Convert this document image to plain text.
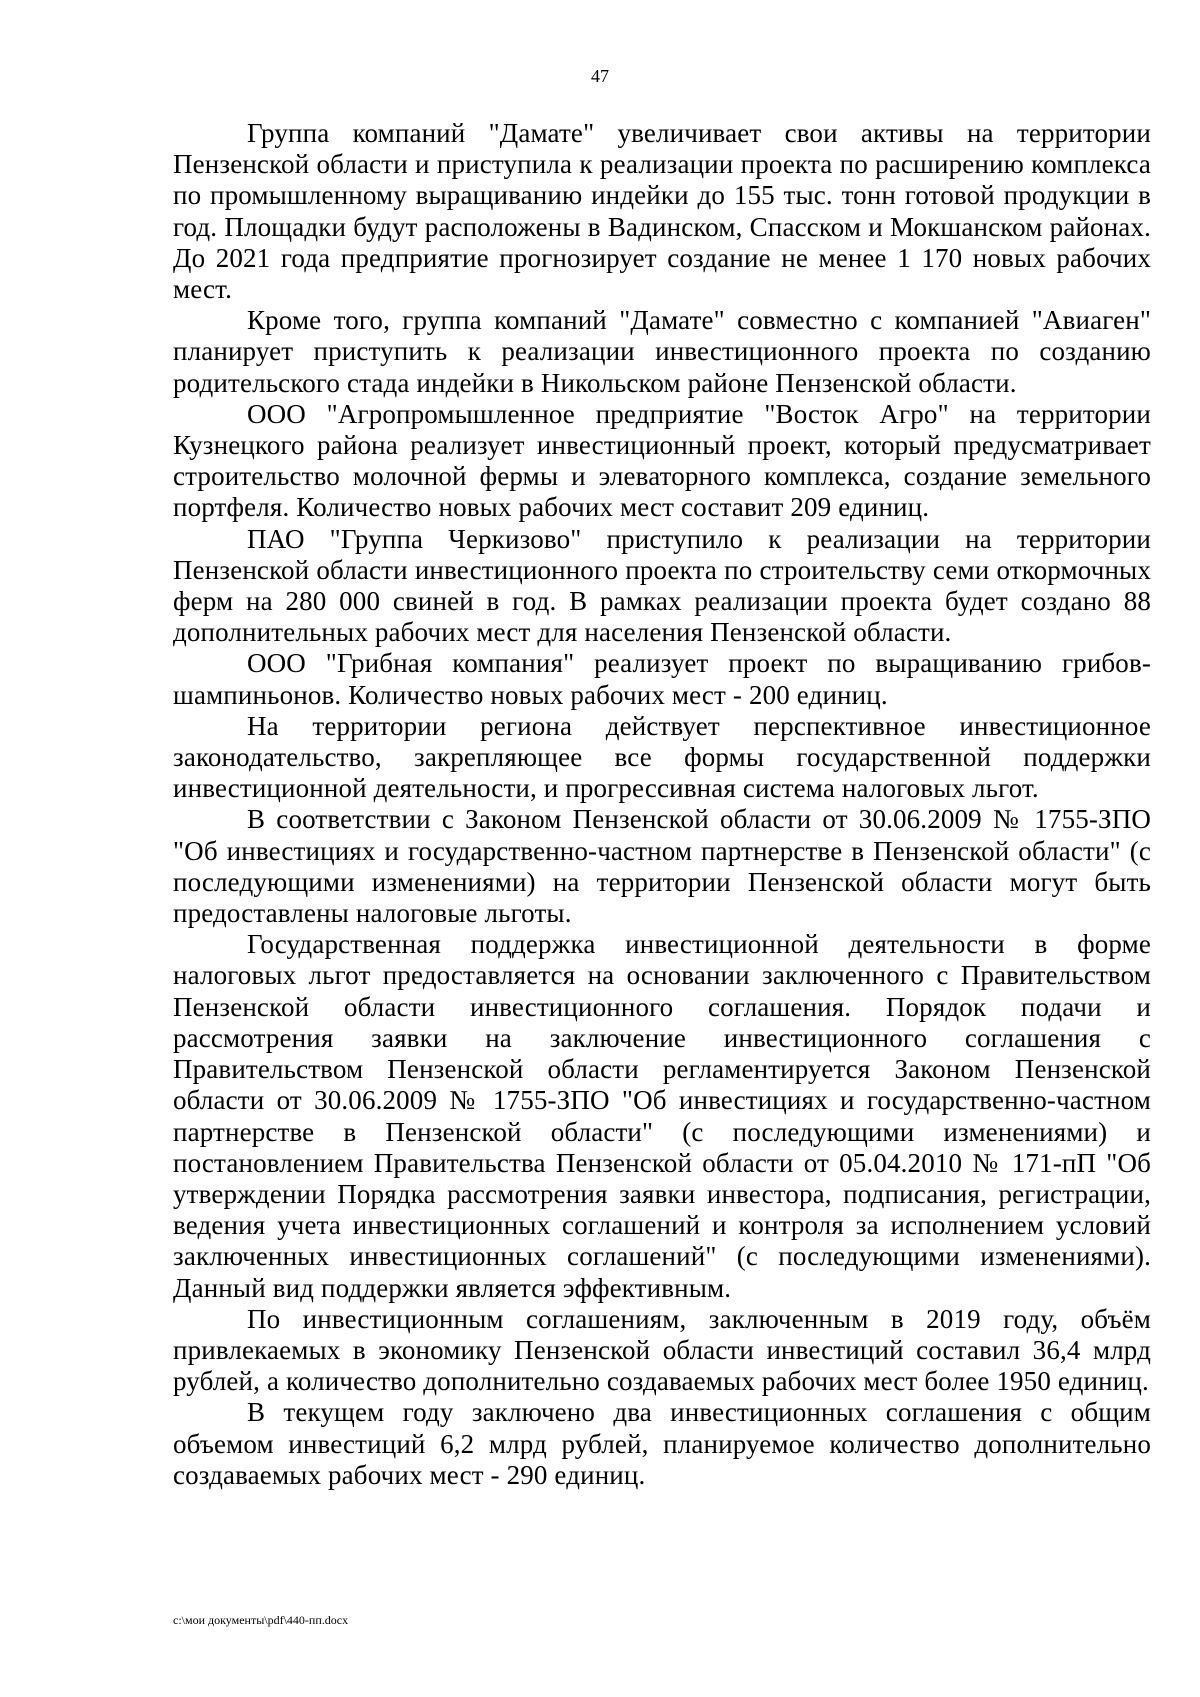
47

Группа компаний "Дамате" увеличивает свои активы на территории Пензенской области и приступила к реализации проекта по расширению комплекса по промышленному выращиванию индейки до 155 тыс. тонн готовой продукции в год. Площадки будут расположены в Вадинском, Спасском и Мокшанском районах. До 2021 года предприятие прогнозирует создание не менее 1 170 новых рабочих мест.

Кроме того, группа компаний "Дамате" совместно с компанией "Авиаген" планирует приступить к реализации инвестиционного проекта по созданию родительского стада индейки в Никольском районе Пензенской области.

ООО "Агропромышленное предприятие "Восток Агро" на территории Кузнецкого района реализует инвестиционный проект, который предусматривает строительство молочной фермы и элеваторного комплекса, создание земельного портфеля. Количество новых рабочих мест составит 209 единиц.

ПАО "Группа Черкизово" приступило к реализации на территории Пензенской области инвестиционного проекта по строительству семи откормочных ферм на 280 000 свиней в год. В рамках реализации проекта будет создано 88 дополнительных рабочих мест для населения Пензенской области.

ООО "Грибная компания" реализует проект по выращиванию грибов-шампиньонов. Количество новых рабочих мест - 200 единиц.

На территории региона действует перспективное инвестиционное законодательство, закрепляющее все формы государственной поддержки инвестиционной деятельности, и прогрессивная система налоговых льгот.

В соответствии с Законом Пензенской области от 30.06.2009 № 1755-ЗПО "Об инвестициях и государственно-частном партнерстве в Пензенской области" (с последующими изменениями) на территории Пензенской области могут быть предоставлены налоговые льготы.

Государственная поддержка инвестиционной деятельности в форме налоговых льгот предоставляется на основании заключенного с Правительством Пензенской области инвестиционного соглашения. Порядок подачи и рассмотрения заявки на заключение инвестиционного соглашения с Правительством Пензенской области регламентируется Законом Пензенской области от 30.06.2009 № 1755-ЗПО "Об инвестициях и государственно-частном партнерстве в Пензенской области" (с последующими изменениями) и постановлением Правительства Пензенской области от 05.04.2010 № 171-пП "Об утверждении Порядка рассмотрения заявки инвестора, подписания, регистрации, ведения учета инвестиционных соглашений и контроля за исполнением условий заключенных инвестиционных соглашений" (с последующими изменениями). Данный вид поддержки является эффективным.

По инвестиционным соглашениям, заключенным в 2019 году, объём привлекаемых в экономику Пензенской области инвестиций составил 36,4 млрд рублей, а количество дополнительно создаваемых рабочих мест более 1950 единиц.

В текущем году заключено два инвестиционных соглашения с общим объемом инвестиций 6,2 млрд рублей, планируемое количество дополнительно создаваемых рабочих мест - 290 единиц.

c:\мои документы\pdf\440-пп.docx
